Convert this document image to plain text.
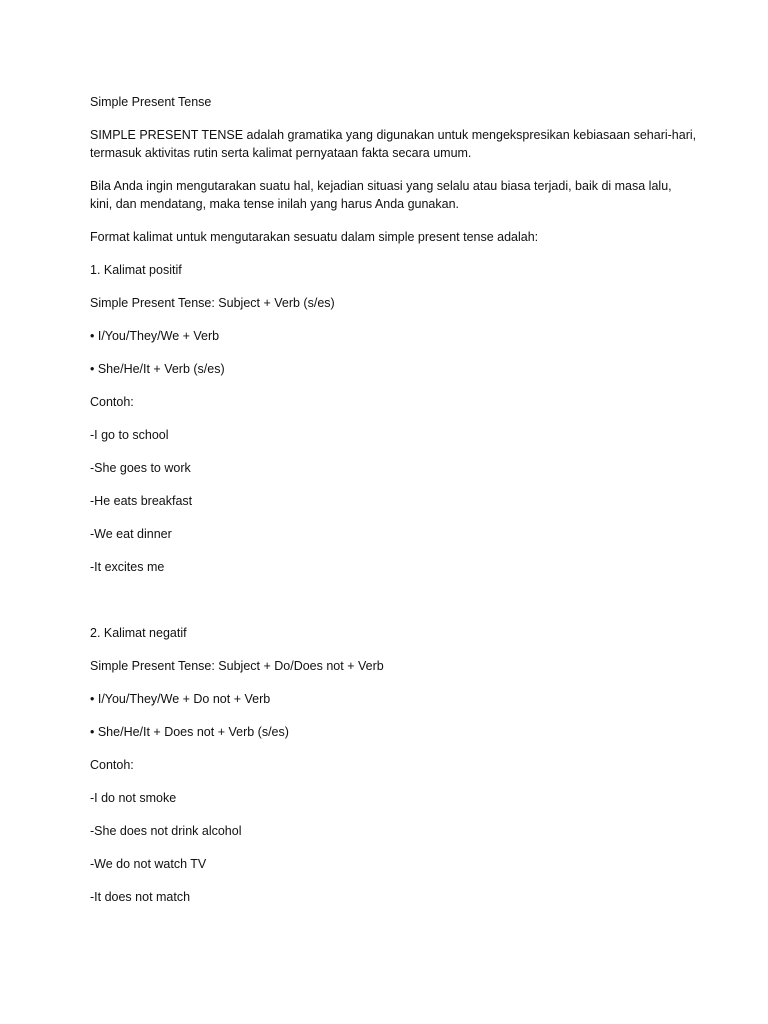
Simple Present Tense

SIMPLE PRESENT TENSE adalah gramatika yang digunakan untuk mengekspresikan kebiasaan sehari-hari,
termasuk aktivitas rutin serta kalimat pernyataan fakta secara umum.

Bila Anda ingin mengutarakan suatu hal, kejadian situasi yang selalu atau biasa terjadi, baik di masa lalu,
kini, dan mendatang, maka tense inilah yang harus Anda gunakan.

Format kalimat untuk mengutarakan sesuatu dalam simple present tense adalah:

1. Kalimat positif

Simple Present Tense: Subject + Verb (s/es)

• I/You/They/We + Verb

• She/He/It + Verb (s/es)

Contoh:

-I go to school

-She goes to work

-He eats breakfast

-We eat dinner

-It excites me

2. Kalimat negatif

Simple Present Tense: Subject + Do/Does not + Verb

• I/You/They/We + Do not + Verb

• She/He/It + Does not + Verb (s/es)

Contoh:

-I do not smoke

-She does not drink alcohol

-We do not watch TV

-It does not match
